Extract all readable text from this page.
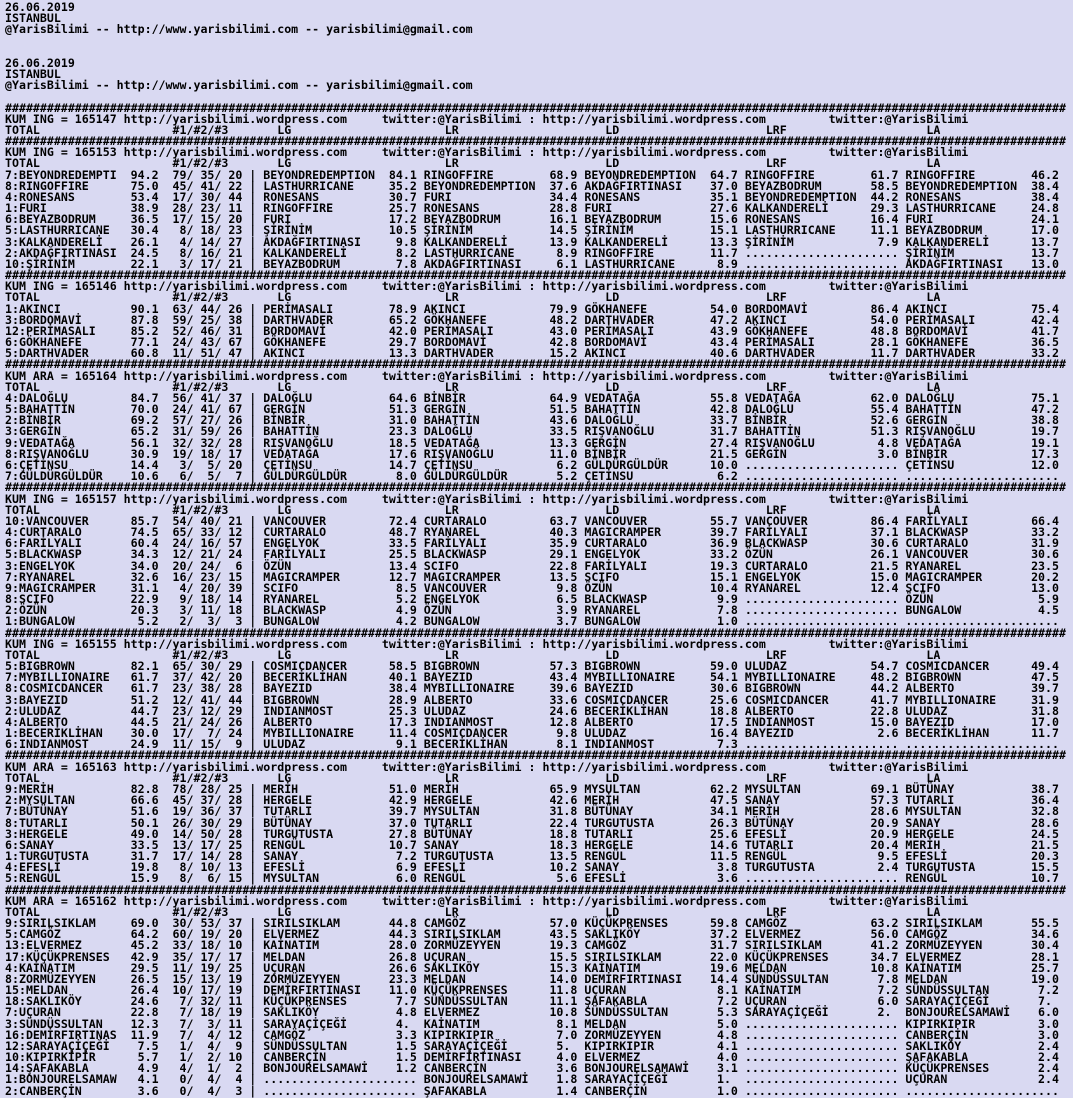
26.06.2019
ISTANBUL
@YarisBilimi -- http://www.yarisbilimi.com -- yarisbilimi@gmail.com
26.06.2019
ISTANBUL
@YarisBilimi -- http://www.yarisbilimi.com -- yarisbilimi@gmail.com
########################################################################################################################################################
KUM ING = 165147 http://yarisbilimi.wordpress.com     twitter:@YarisBilimi : http://yarisbilimi.wordpress.com         twitter:@YarisBilimi
TOTAL                   #1/#2/#3       LG                      LR                     LD                     LRF                    LA
########################################################################################################################################################
KUM ING = 165153 http://yarisbilimi.wordpress.com     twitter:@YarisBilimi : http://yarisbilimi.wordpress.com         twitter:@YarisBilimi
TOTAL                   #1/#2/#3       LG                      LR                     LD                     LRF                    LA
7:BEYONDREDEMPTI  94.2  79/ 35/ 20 | BEYONDREDEMPTION  84.1 RINGOFFIRE        68.9 BEYONDREDEMPTION  64.7 RINGOFFIRE        61.7 RINGOFFIRE        46.2
8:RINGOFFIRE      75.0  45/ 41/ 22 | LASTHURRICANE     35.2 BEYONDREDEMPTION  37.6 AKDAĞFIRTINASI    37.0 BEYAZBODRUM       58.5 BEYONDREDEMPTION  38.4
4:RONESANS        53.4  17/ 30/ 44 | RONESANS          30.7 FURI              34.4 RONESANS          35.1 BEYONDREDEMPTION  44.2 RONESANS          38.4
1:FURI            38.9  28/ 23/ 11 | RINGOFFIRE        25.7 RONESANS          28.8 FURI              27.6 KALKANDERELİ      29.3 LASTHURRICANE     24.8
6:BEYAZBODRUM     36.5  17/ 15/ 20 | FURI              17.2 BEYAZBODRUM       16.1 BEYAZBODRUM       15.6 RONESANS          16.4 FURI              24.1
5:LASTHURRICANE   30.4   8/ 18/ 23 | ŞİRİNİM           10.5 ŞİRİNİM           14.5 ŞİRİNİM           15.1 LASTHURRICANE     11.1 BEYAZBODRUM       17.0
3:KALKANDERELİ    26.1   4/ 14/ 27 | AKDAĞFIRTINASI     9.8 KALKANDERELİ      13.9 KALKANDERELİ      13.3 ŞİRİNİM            7.9 KALKANDERELİ      13.7
2:AKDAĞFIRTINASI  24.5   8/ 16/ 21 | KALKANDERELİ       8.2 LASTHURRICANE      8.9 RINGOFFIRE        11.7 ...................... ŞİRİNİM           13.7
10:ŞİRİNİM        22.1   3/ 17/ 21 | BEYAZBODRUM        7.8 AKDAĞFIRTINASI     6.1 LASTHURRICANE      8.9 ...................... AKDAĞFIRTINASI    13.0
########################################################################################################################################################
KUM ING = 165146 http://yarisbilimi.wordpress.com     twitter:@YarisBilimi : http://yarisbilimi.wordpress.com         twitter:@YarisBilimi
TOTAL                   #1/#2/#3       LG                      LR                     LD                     LRF                    LA
1:AKINCI          90.1  63/ 44/ 26 | PERİMASALI        78.9 AKINCI            79.9 GÖKHANEFE         54.0 BORDOMAVİ         86.4 AKINCI            75.4
3:BORDOMAVİ       87.8  59/ 25/ 38 | DARTHVADER        65.2 GÖKHANEFE         48.2 DARTHVADER        47.2 AKINCI            54.0 PERİMASALI        42.4
12:PERİMASALI     85.2  52/ 46/ 31 | BORDOMAVİ         42.0 PERİMASALI        43.0 PERİMASALI        43.9 GÖKHANEFE         48.8 BORDOMAVİ         41.7
6:GÖKHANEFE       77.1  24/ 43/ 67 | GÖKHANEFE         29.7 BORDOMAVİ         42.8 BORDOMAVİ         43.4 PERİMASALI        28.1 GÖKHANEFE         36.5
5:DARTHVADER      60.8  11/ 51/ 47 | AKINCI            13.3 DARTHVADER        15.2 AKINCI            40.6 DARTHVADER        11.7 DARTHVADER        33.2
########################################################################################################################################################
KUM ARA = 165164 http://yarisbilimi.wordpress.com     twitter:@YarisBilimi : http://yarisbilimi.wordpress.com         twitter:@YarisBilimi
TOTAL                   #1/#2/#3       LG                      LR                     LD                     LRF                    LA
4:DALOĞLU         84.7  56/ 41/ 37 | DALOĞLU           64.6 BİNBİR            64.9 VEDATAĞA          55.8 VEDATAĞA          62.0 DALOĞLU           75.1
5:BAHATTİN        70.0  24/ 41/ 67 | GERGİN            51.3 GERGİN            51.5 BAHATTİN          42.8 DALOĞLU           55.4 BAHATTİN          47.2
2:BİNBİR          69.2  57/ 27/ 26 | BİNBİR            31.0 BAHATTİN          43.6 DALOĞLU           33.7 BİNBİR            52.6 GERGİN            38.8
3:GERGİN          65.2  31/ 59/ 26 | BAHATTİN          23.3 DALOĞLU           33.5 RIŞVANOĞLU        31.7 BAHATTİN          51.3 RIŞVANOĞLU        19.7
9:VEDATAĞA        56.1  32/ 32/ 28 | RIŞVANOĞLU        18.5 VEDATAĞA          13.3 GERGİN            27.4 RIŞVANOĞLU         4.8 VEDATAĞA          19.1
8:RIŞVANOĞLU      30.9  19/ 18/ 17 | VEDATAĞA          17.6 RIŞVANOĞLU        11.0 BİNBİR            21.5 GERGİN             3.0 BİNBİR            17.3
6:ÇETİNSU         14.4   3/  5/ 20 | ÇETİNSU           14.7 ÇETİNSU            6.2 GÜLDÜRGÜLDÜR      10.0 ...................... ÇETİNSU           12.0
7:GÜLDÜRGÜLDÜR    10.6   6/  5/  7 | GÜLDÜRGÜLDÜR       8.0 GÜLDÜRGÜLDÜR       5.2 ÇETİNSU            6.2 ...................... ......................
########################################################################################################################################################
KUM ING = 165157 http://yarisbilimi.wordpress.com     twitter:@YarisBilimi : http://yarisbilimi.wordpress.com         twitter:@YarisBilimi
TOTAL                   #1/#2/#3       LG                      LR                     LD                     LRF                    LA
10:VANCOUVER      85.7  54/ 40/ 21 | VANCOUVER         72.4 CURTARALO         63.7 VANCOUVER         55.7 VANCOUVER         86.4 FARİLYALI         66.4
4:CURTARALO       74.5  65/ 33/ 12 | CURTARALO         48.7 RYANAREL          40.3 MAGICRAMPER       39.7 FARİLYALI         37.1 BLACKWASP         33.2
6:FARİLYALI       60.4  24/ 16/ 57 | ENGELYOK          33.5 FARİLYALI         35.9 CURTARALO         36.9 BLACKWASP         30.6 CURTARALO         31.9
5:BLACKWASP       34.3  12/ 21/ 24 | FARİLYALI         25.5 BLACKWASP         29.1 ENGELYOK          33.2 ÖZÜN              26.1 VANCOUVER         30.6
3:ENGELYOK        34.0  20/ 24/  6 | ÖZÜN              13.4 SCIFO             22.8 FARİLYALI         19.3 CURTARALO         21.5 RYANAREL          23.5
7:RYANAREL        32.6  16/ 23/ 15 | MAGICRAMPER       12.7 MAGICRAMPER       13.5 SCIFO             15.1 ENGELYOK          15.0 MAGICRAMPER       20.2
9:MAGICRAMPER     31.1   4/ 20/ 39 | SCIFO              8.5 VANCOUVER          9.8 ÖZÜN              10.4 RYANAREL          12.4 SCIFO             13.0
8:SCIFO           22.9   9/ 18/ 14 | RYANAREL           5.2 ENGELYOK           6.5 BLACKWASP          9.9 ...................... ÖZÜN               5.9
2:ÖZÜN            20.3   3/ 11/ 18 | BLACKWASP          4.9 ÖZÜN               3.9 RYANAREL           7.8 ...................... BUNGALOW           4.5
1:BUNGALOW         5.2   2/  3/  3 | BUNGALOW           4.2 BUNGALOW           3.7 BUNGALOW           1.0 ...................... ......................
########################################################################################################################################################
KUM ING = 165155 http://yarisbilimi.wordpress.com     twitter:@YarisBilimi : http://yarisbilimi.wordpress.com         twitter:@YarisBilimi
TOTAL                   #1/#2/#3       LG                      LR                     LD                     LRF                    LA
5:BIGBROWN        82.1  65/ 30/ 29 | COSMICDANCER      58.5 BIGBROWN          57.3 BIGBROWN          59.0 ULUDAZ            54.7 COSMICDANCER      49.4
7:MYBILLIONAIRE   61.7  37/ 42/ 20 | BECERİKLİHAN      40.1 BAYEZID           43.4 MYBILLIONAIRE     54.1 MYBILLIONAIRE     48.2 BIGBROWN          47.5
8:COSMICDANCER    61.7  23/ 38/ 28 | BAYEZID           38.4 MYBILLIONAIRE     39.6 BAYEZID           30.6 BIGBROWN          44.2 ALBERTO           39.7
3:BAYEZID         51.2  12/ 41/ 44 | BIGBROWN          28.9 ALBERTO           33.6 COSMICDANCER      25.6 COSMICDANCER      41.7 MYBILLIONAIRE     31.9
2:ULUDAZ          44.7  23/ 12/ 29 | INDIANMOST        25.3 ULUDAZ            24.6 BECERİKLİHAN      18.8 ALBERTO           22.8 ULUDAZ            31.8
4:ALBERTO         44.5  21/ 24/ 26 | ALBERTO           17.3 INDIANMOST        12.8 ALBERTO           17.5 INDIANMOST        15.0 BAYEZID           17.0
1:BECERİKLİHAN    30.0  17/  7/ 24 | MYBILLIONAIRE     11.4 COSMICDANCER       9.8 ULUDAZ            16.4 BAYEZID            2.6 BECERİKLİHAN      11.7
6:INDIANMOST      24.9  11/ 15/  9 | ULUDAZ             9.1 BECERİKLİHAN       8.1 INDIANMOST         7.3 ...................... ......................
########################################################################################################################################################
KUM ARA = 165163 http://yarisbilimi.wordpress.com     twitter:@YarisBilimi : http://yarisbilimi.wordpress.com         twitter:@YarisBilimi
TOTAL                   #1/#2/#3       LG                      LR                     LD                     LRF                    LA
9:MERİH           82.8  78/ 28/ 25 | MERİH             51.0 MERİH             65.9 MYSULTAN          62.2 MYSULTAN          69.1 BÜTÜNAY           38.7
2:MYSULTAN        66.6  45/ 37/ 28 | HERGELE           42.9 HERGELE           42.6 MERİH             47.5 SANAY             57.3 TUTARLI           36.4
7:BÜTÜNAY         51.6  19/ 36/ 37 | TUTARLI           39.7 MYSULTAN          31.8 BÜTÜNAY           34.1 MERİH             28.6 MYSULTAN          32.8
8:TUTARLI         50.1  26/ 30/ 29 | BÜTÜNAY           37.0 TUTARLI           22.4 TURGUTUSTA        26.3 BÜTÜNAY           20.9 SANAY             28.6
3:HERGELE         49.0  14/ 50/ 28 | TURGUTUSTA        27.8 BÜTÜNAY           18.8 TUTARLI           25.6 EFESLİ            20.9 HERGELE           24.5
6:SANAY           33.5  13/ 17/ 25 | RENGÜL            10.7 SANAY             18.3 HERGELE           14.6 TUTARLI           20.4 MERİH             21.5
1:TURGUTUSTA      31.7  17/ 14/ 28 | SANAY              7.2 TURGUTUSTA        13.5 RENGÜL            11.5 RENGÜL             9.5 EFESLİ            20.3
4:EFESLİ          19.8   8/ 10/ 13 | EFESLİ             6.9 EFESLİ            10.2 SANAY              3.8 TURGUTUSTA         2.4 TURGUTUSTA        15.5
5:RENGÜL          15.9   8/  6/ 15 | MYSULTAN           6.0 RENGÜL             5.6 EFESLİ             3.6 ...................... RENGÜL            10.7
########################################################################################################################################################
KUM ARA = 165162 http://yarisbilimi.wordpress.com     twitter:@YarisBilimi : http://yarisbilimi.wordpress.com         twitter:@YarisBilimi
TOTAL                   #1/#2/#3       LG                      LR                     LD                     LRF                    LA
9:SIRILSIKLAM     69.0  30/ 53/ 37 | SIRILSIKLAM       44.8 CAMGÖZ            57.0 KÜÇÜKPRENSES      59.8 CAMGÖZ            63.2 SIRILSIKLAM       55.5
5:CAMGÖZ          64.2  60/ 19/ 20 | ELVERMEZ          44.3 SIRILSIKLAM       43.5 SAKLIKÖY          37.2 ELVERMEZ          56.0 CAMGÖZ            34.6
13:ELVERMEZ       45.2  33/ 18/ 10 | KAİNATIM          28.0 ZORMÜZEYYEN       19.3 CAMGÖZ            31.7 SIRILSIKLAM       41.2 ZORMÜZEYYEN       30.4
17:KÜÇÜKPRENSES   42.9  35/ 17/ 17 | MELDAN            26.8 UÇURAN            15.5 SIRILSIKLAM       22.0 KÜÇÜKPRENSES      34.7 ELVERMEZ          28.1
4:KAİNATIM        29.5  11/ 19/ 25 | UÇURAN            26.6 SAKLIKÖY          15.3 KAİNATIM          19.6 MELDAN            10.8 KAİNATIM          25.7
8:ZORMÜZEYYEN     26.5  15/ 13/ 19 | ZORMÜZEYYEN       23.3 MELDAN            14.0 DEMİRFIRTINASI    14.4 SÜNDÜSSULTAN       7.8 MELDAN            19.0
15:MELDAN         26.4  10/ 17/ 19 | DEMİRFIRTINASI    11.0 KÜÇÜKPRENSES      11.8 UÇURAN             8.1 KAİNATIM           7.2 SÜNDÜSSULTAN       7.2
18:SAKLIKÖY       24.6   7/ 32/ 11 | KÜÇÜKPRENSES       7.7 SÜNDÜSSULTAN      11.1 ŞAFAKABLA          7.2 UÇURAN             6.0 SARAYAÇİÇEĞİ       7.
7:UÇURAN          22.8   7/ 18/ 19 | SAKLIKÖY           4.8 ELVERMEZ          10.8 SÜNDÜSSULTAN       5.3 SARAYAÇİÇEĞİ       2.  BONJOURELSAMAWİ    6.0
3:SÜNDÜSSULTAN    12.3   7/  3/ 11 | SARAYAÇİÇEĞİ       4.  KAİNATIM           8.1 MELDAN             5.0 ...................... KIPIRKIPIR         3.0
16:DEMİRFIRTINAS  11.9   7/  4/ 12 | CAMGÖZ             3.3 KIPIRKIPIR         7.0 ZORMÜZEYYEN        4.8 ...................... CANBERÇİN          3.0
12:SARAYAÇİÇEĞİ    7.5   1/  4/  9 | SÜNDÜSSULTAN       1.5 SARAYAÇİÇEĞİ       5.  KIPIRKIPIR         4.1 ...................... SAKLIKÖY           2.4
10:KIPIRKİPİR      5.7   1/  2/ 10 | CANBERÇİN          1.5 DEMİRFİRTINASI     4.0 ELVERMEZ           4.0 ...................... ŞAFAKABLA          2.4
14:ŞAFAKABLA       4.9   4/  1/  2 | BONJOURELSAMAWİ    1.2 CANBERÇİN          3.6 BONJOURELSAMAWİ    3.1 ...................... KÜÇÜKPRENSES       2.4
1:BONJOURELSAMAW   4.1   0/  4/  4 | ...................... BONJOURELSAMAWİ    1.8 SARAYAÇİÇEĞİ       1.  ...................... UÇURAN             2.4
2:CANBERÇİN        3.6   0/  4/  3 | ...................... ŞAFAKABLA          1.4 CANBERÇİN          1.0 ...................... ......................
